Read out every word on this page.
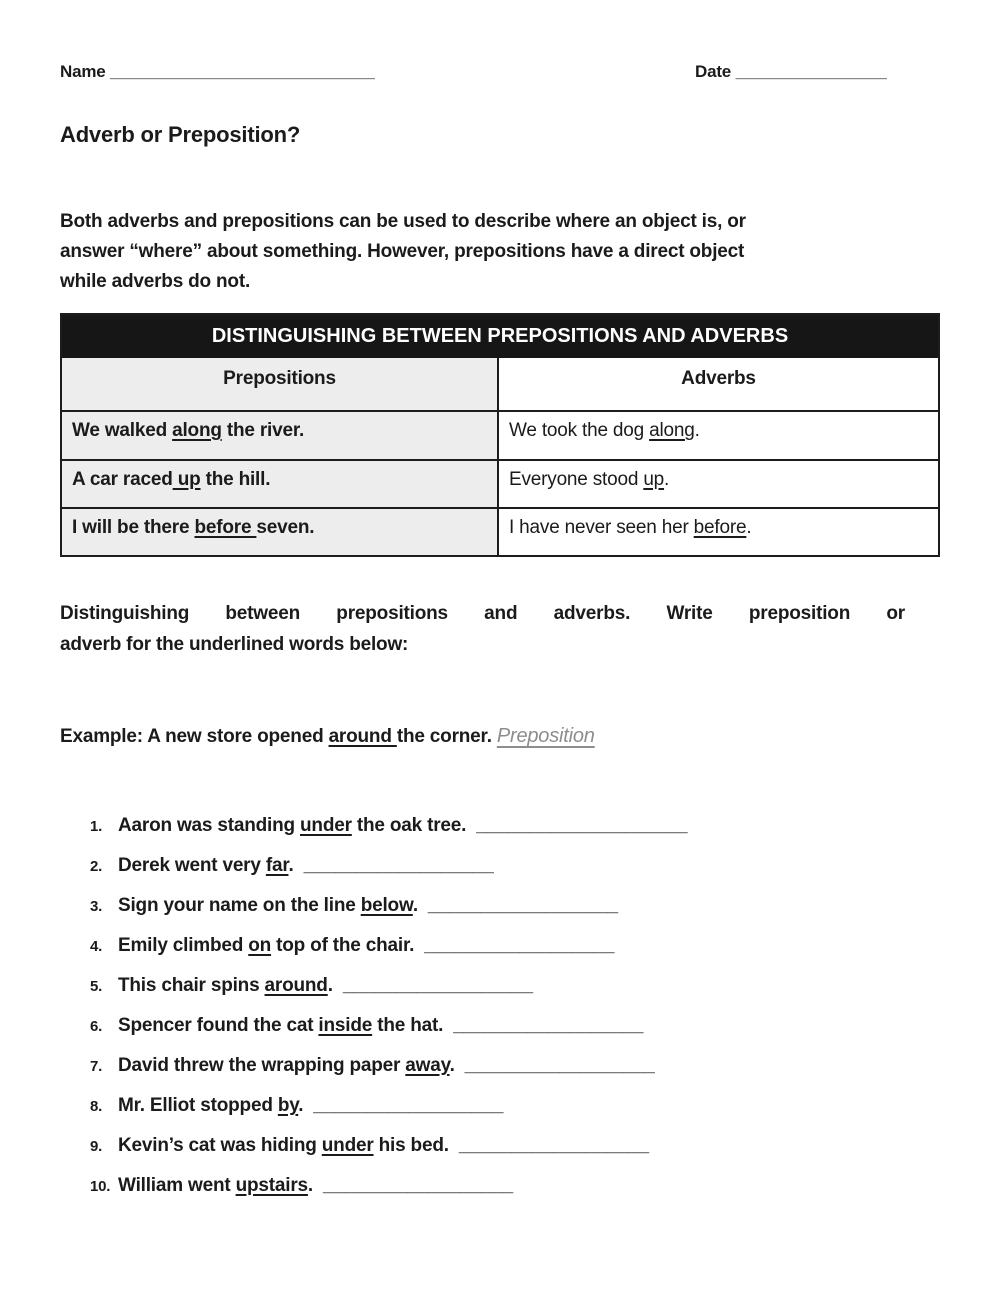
Name ____________________________	Date ________________
Adverb or Preposition?
Both adverbs and prepositions can be used to describe where an object is, or
answer “where” about something. However, prepositions have a direct object
while adverbs do not.
DISTINGUISHING BETWEEN PREPOSITIONS AND ADVERBS
Prepositions	Adverbs
We walked along the river.	We took the dog along.
A car raced up the hill.	Everyone stood up.
I will be there before seven.	I have never seen her before.
Distinguishing between prepositions and adverbs. Write preposition or
adverb for the underlined words below:
Example: A new store opened around the corner. Preposition
1. Aaron was standing under the oak tree. ____________________
2. Derek went very far. __________________
3. Sign your name on the line below. __________________
4. Emily climbed on top of the chair. __________________
5. This chair spins around. __________________
6. Spencer found the cat inside the hat. __________________
7. David threw the wrapping paper away. __________________
8. Mr. Elliot stopped by. __________________
9. Kevin’s cat was hiding under his bed. __________________
10. William went upstairs. __________________
